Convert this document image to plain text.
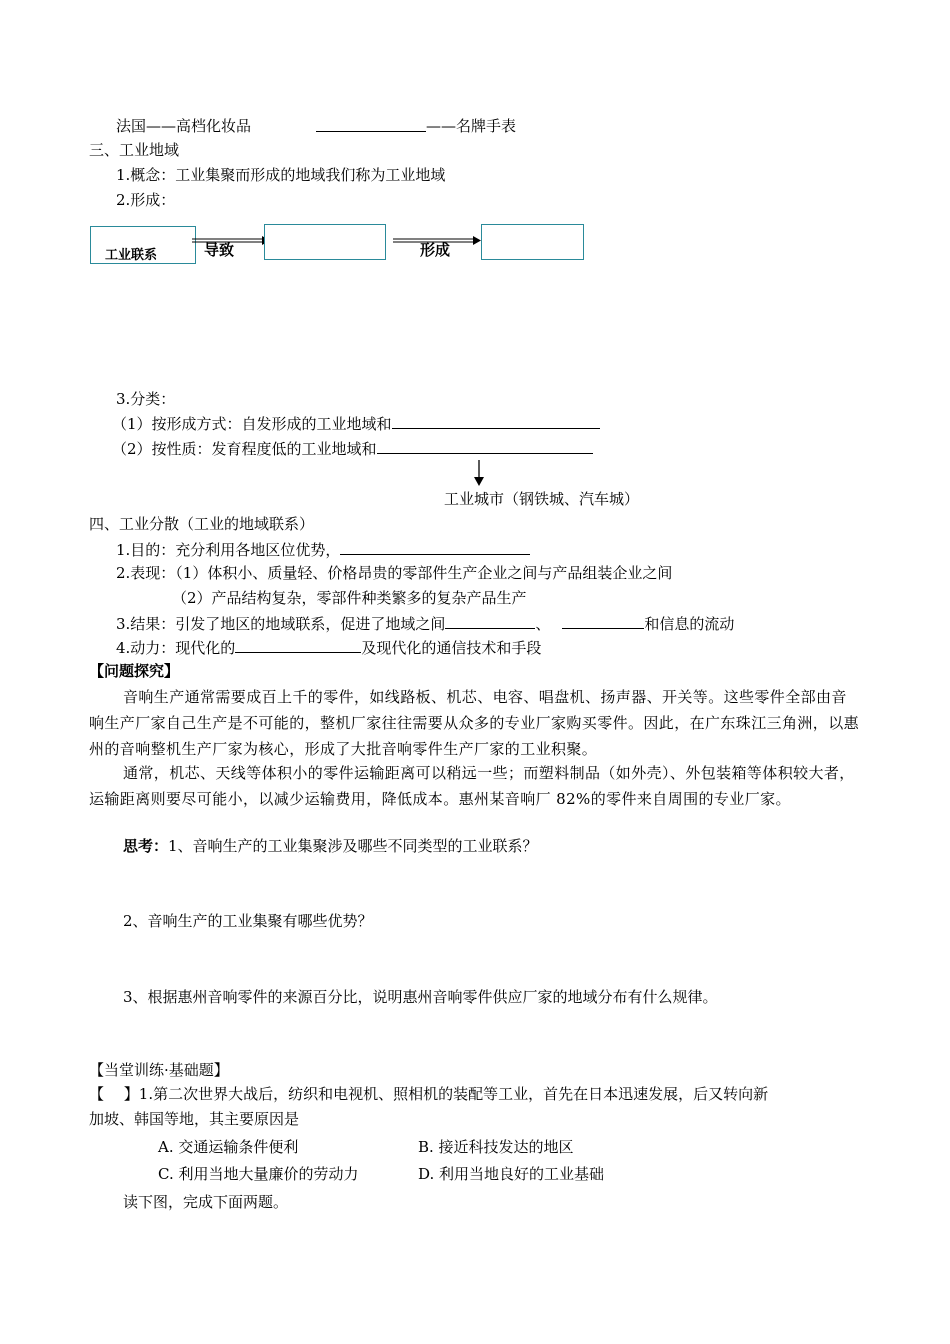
法国——高档化妆品	——名牌手表
三、工业地域
1.概念：工业集聚而形成的地域我们称为工业地域
2.形成：
工业联系	导致	形成
3.分类：
（1）按形成方式：自发形成的工业地域和
（2）按性质：发育程度低的工业地域和
工业城市（钢铁城、汽车城）
四、工业分散（工业的地域联系）
1.目的：充分利用各地区位优势，
2.表现：（1）体积小、质量轻、价格昂贵的零部件生产企业之间与产品组装企业之间
（2）产品结构复杂，零部件种类繁多的复杂产品生产
3.结果：引发了地区的地域联系，促进了地域之间	、	和信息的流动
4.动力：现代化的	及现代化的通信技术和手段
【问题探究】

音响生产通常需要成百上千的零件，如线路板、机芯、电容、唱盘机、扬声器、开关等。这些零件全部由音响生产厂家自己生产是不可能的，整机厂家往往需要从众多的专业厂家购买零件。因此，在广东珠江三角洲，以惠州的音响整机生产厂家为核心，形成了大批音响零件生产厂家的工业积聚。

通常，机芯、天线等体积小的零件运输距离可以稍远一些；而塑料制品（如外壳）、外包装箱等体积较大者，运输距离则要尽可能小，以减少运输费用，降低成本。惠州某音响厂 82%的零件来自周围的专业厂家。

思考：1、音响生产的工业集聚涉及哪些不同类型的工业联系？
2、音响生产的工业集聚有哪些优势？
3、根据惠州音响零件的来源百分比，说明惠州音响零件供应厂家的地域分布有什么规律。
【当堂训练·基础题】
【　 】1.第二次世界大战后，纺织和电视机、照相机的装配等工业，首先在日本迅速发展，后又转向新
加坡、韩国等地，其主要原因是
A. 交通运输条件便利	B. 接近科技发达的地区
C. 利用当地大量廉价的劳动力	D. 利用当地良好的工业基础
读下图，完成下面两题。
